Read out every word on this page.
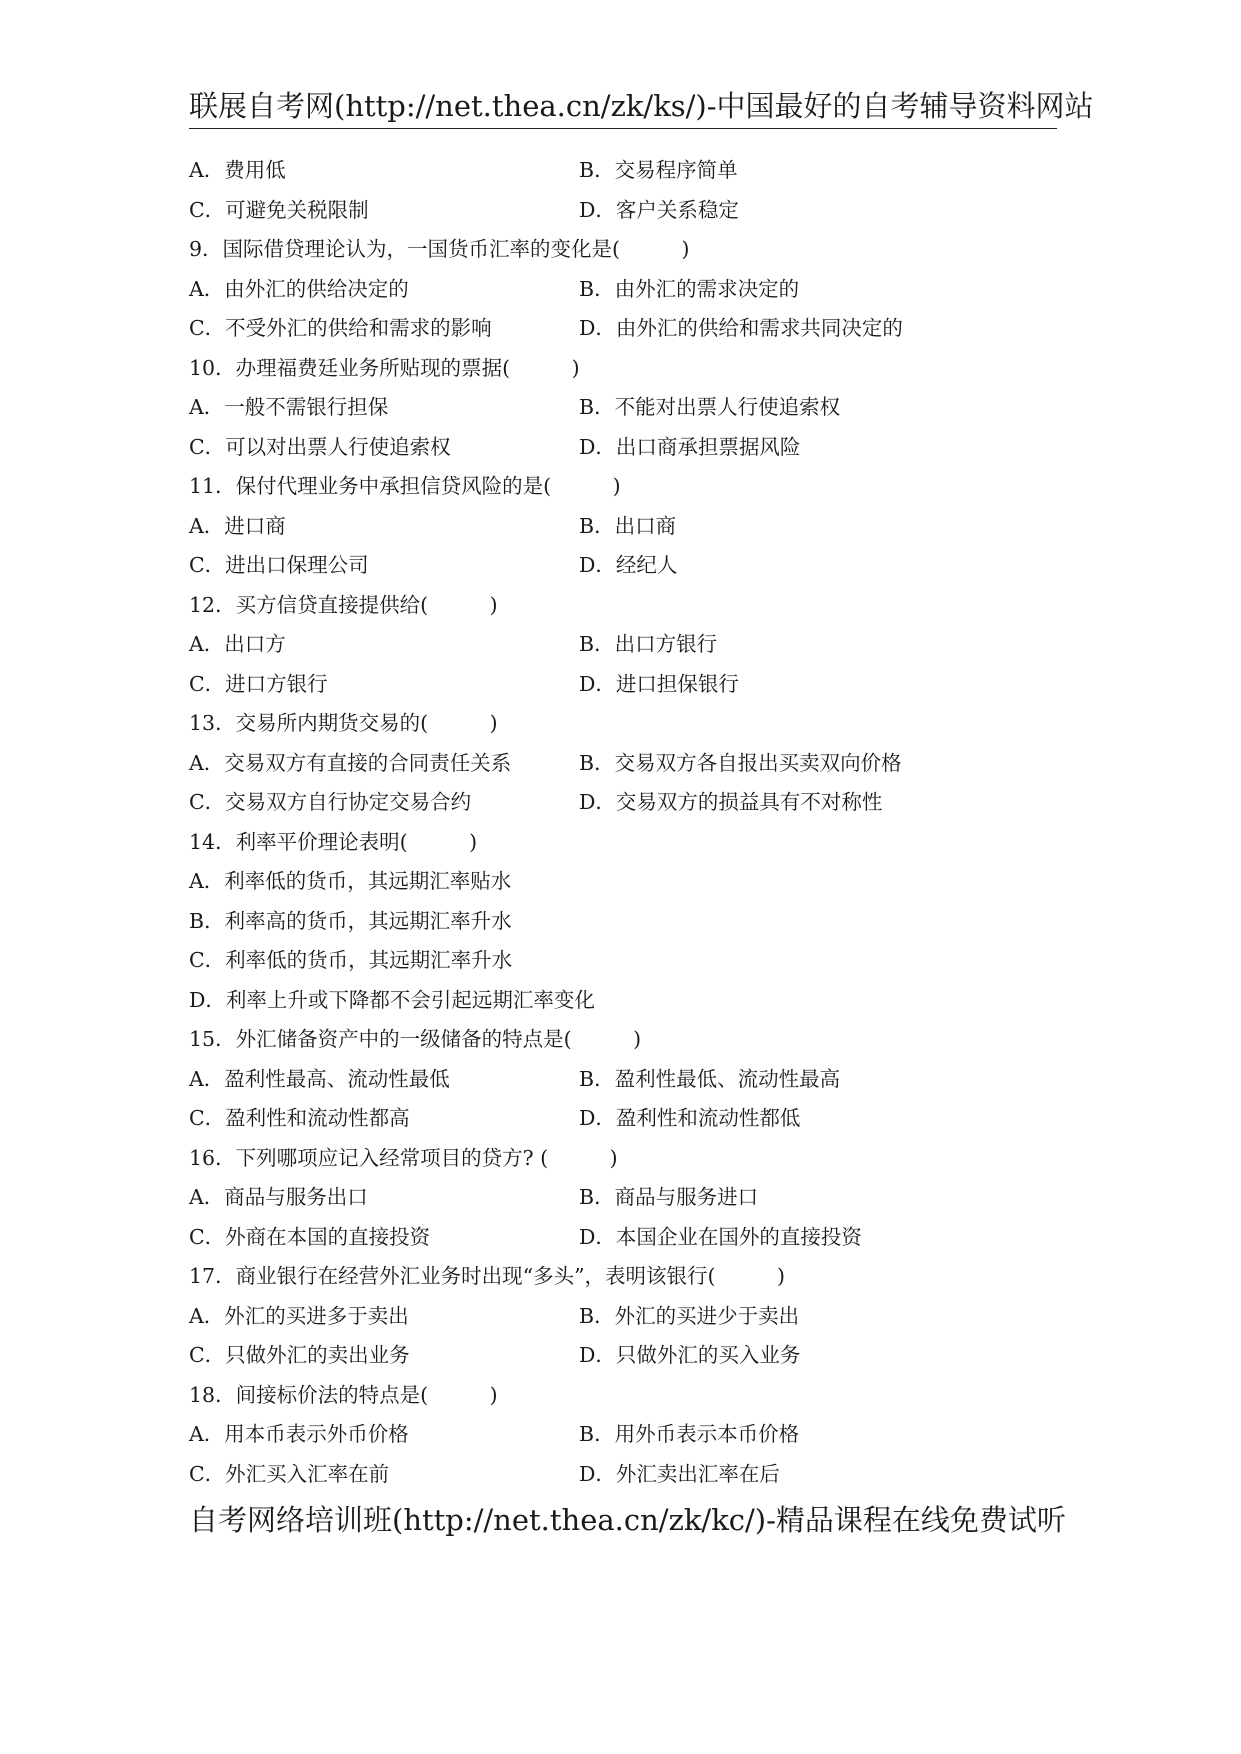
联展自考网(http://net.thea.cn/zk/ks/)-中国最好的自考辅导资料网站
A．费用低	B．交易程序简单
C．可避免关税限制	D．客户关系稳定
9．国际借贷理论认为，一国货币汇率的变化是(　　　)
A．由外汇的供给决定的	B．由外汇的需求决定的
C．不受外汇的供给和需求的影响	D．由外汇的供给和需求共同决定的
10．办理福费廷业务所贴现的票据(　　　)
A．一般不需银行担保	B．不能对出票人行使追索权
C．可以对出票人行使追索权	D．出口商承担票据风险
11．保付代理业务中承担信贷风险的是(　　　)
A．进口商	B．出口商
C．进出口保理公司	D．经纪人
12．买方信贷直接提供给(　　　)
A．出口方	B．出口方银行
C．进口方银行	D．进口担保银行
13．交易所内期货交易的(　　　)
A．交易双方有直接的合同责任关系	B．交易双方各自报出买卖双向价格
C．交易双方自行协定交易合约	D．交易双方的损益具有不对称性
14．利率平价理论表明(　　　)
A．利率低的货币，其远期汇率贴水
B．利率高的货币，其远期汇率升水
C．利率低的货币，其远期汇率升水
D．利率上升或下降都不会引起远期汇率变化
15．外汇储备资产中的一级储备的特点是(　　　)
A．盈利性最高、流动性最低	B．盈利性最低、流动性最高
C．盈利性和流动性都高	D．盈利性和流动性都低
16．下列哪项应记入经常项目的贷方? (　　　)
A．商品与服务出口	B．商品与服务进口
C．外商在本国的直接投资	D．本国企业在国外的直接投资
17．商业银行在经营外汇业务时出现“多头”，表明该银行(　　　)
A．外汇的买进多于卖出	B．外汇的买进少于卖出
C．只做外汇的卖出业务	D．只做外汇的买入业务
18．间接标价法的特点是(　　　)
A．用本币表示外币价格	B．用外币表示本币价格
C．外汇买入汇率在前	D．外汇卖出汇率在后
自考网络培训班(http://net.thea.cn/zk/kc/)-精品课程在线免费试听
